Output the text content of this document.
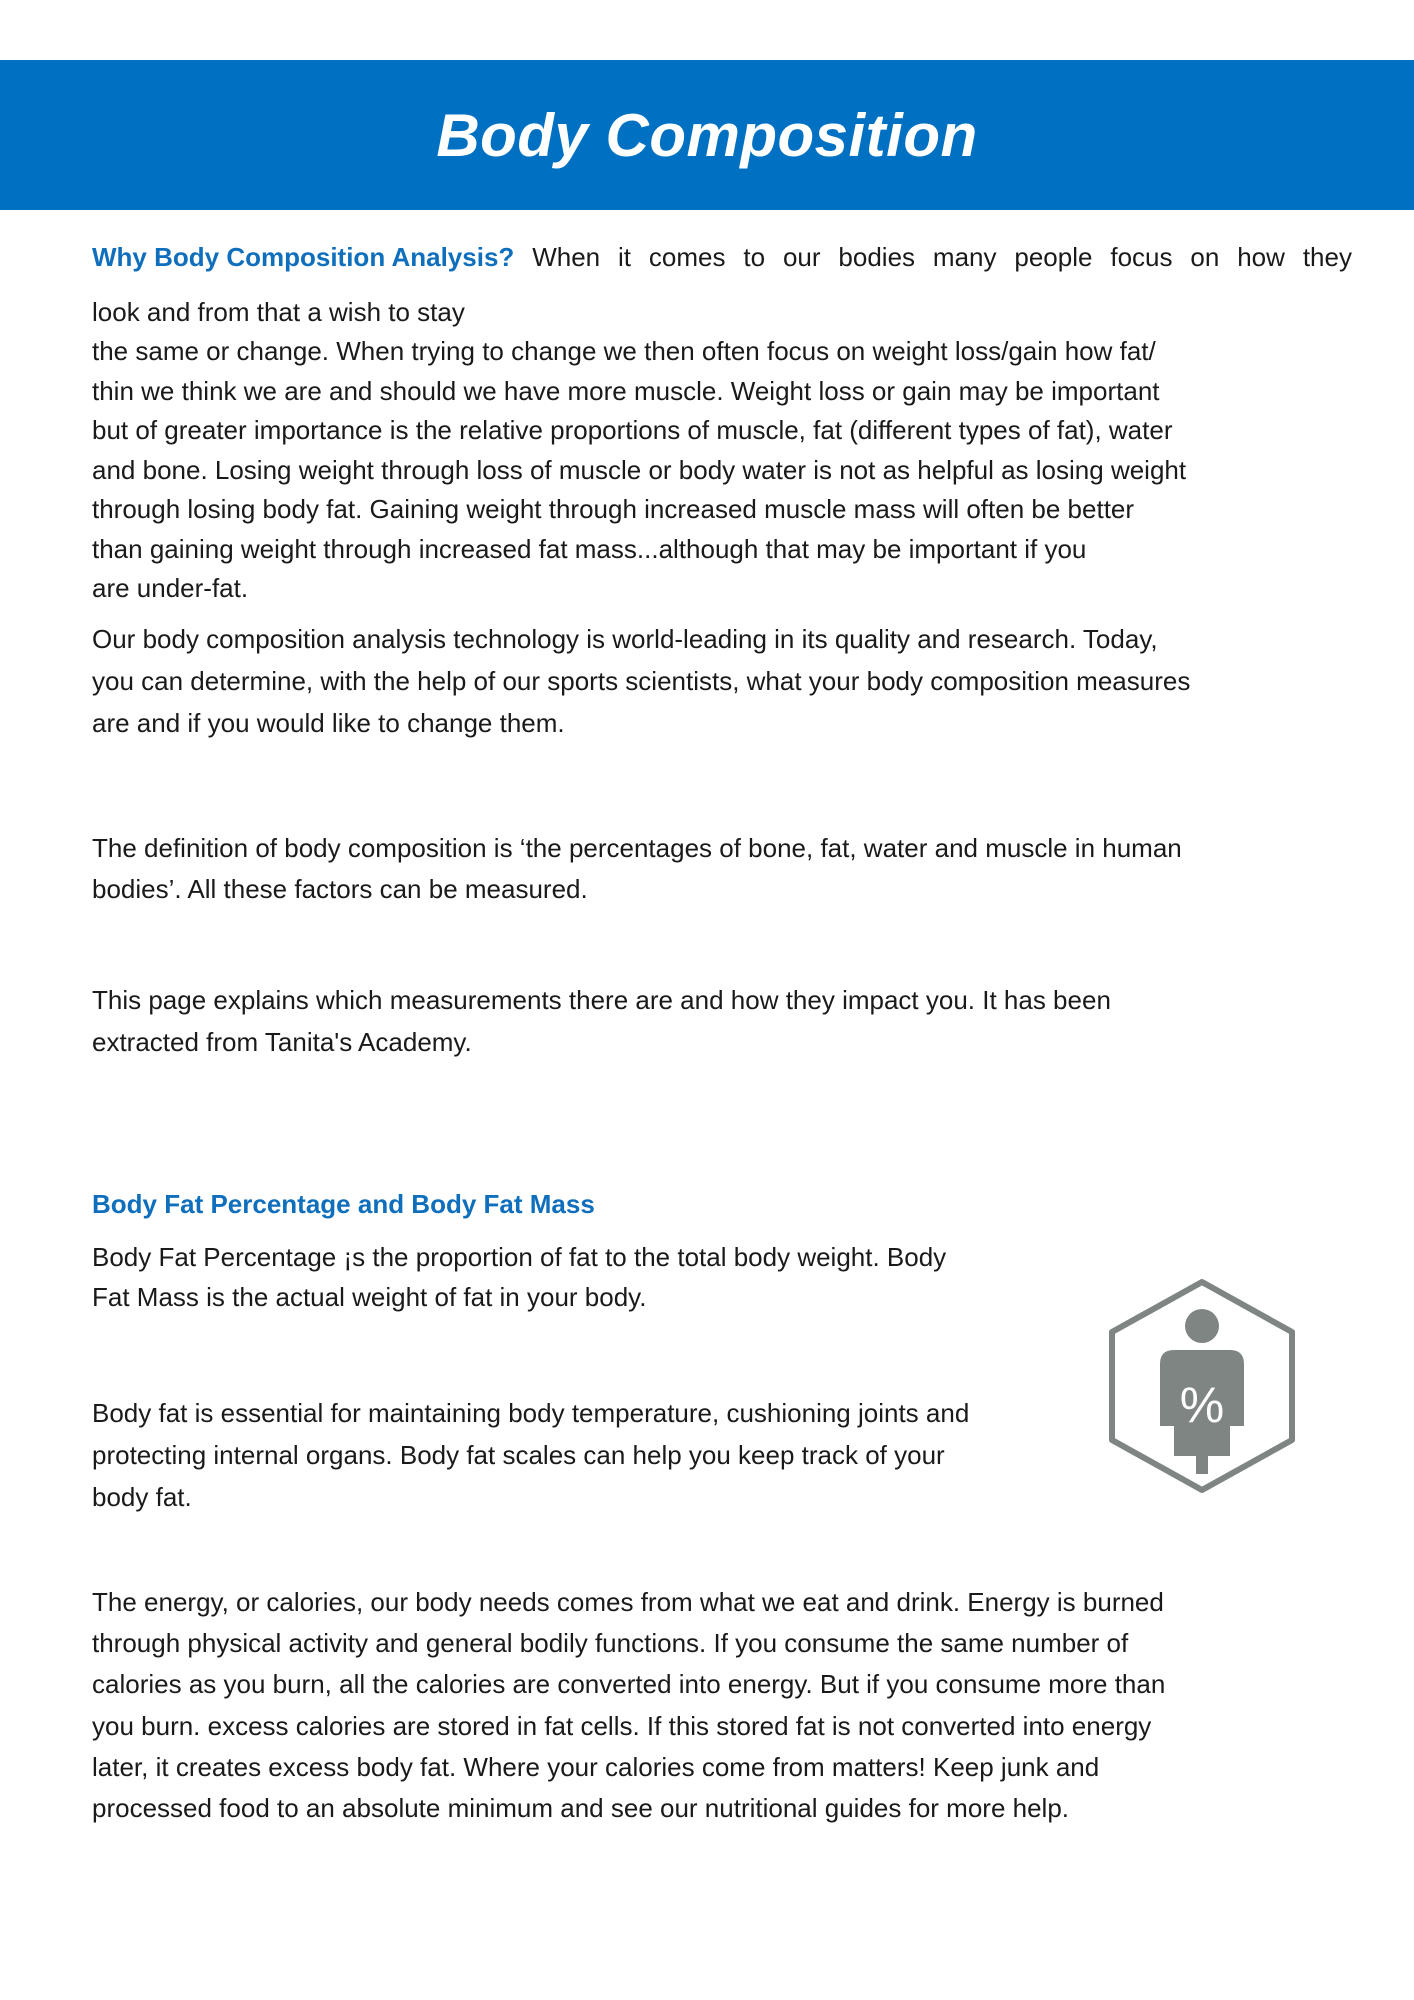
Body Composition
Why Body Composition Analysis? When it comes to our bodies many people focus on how they
look and from that a wish to stay
the same or change. When trying to change we then often focus on weight loss/gain how fat/
thin we think we are and should we have more muscle. Weight loss or gain may be important
but of greater importance is the relative proportions of muscle, fat (different types of fat), water
and bone. Losing weight through loss of muscle or body water is not as helpful as losing weight
through losing body fat. Gaining weight through increased muscle mass will often be better
than gaining weight through increased fat mass...although that may be important if you
are under-fat.
Our body composition analysis technology is world-leading in its quality and research. Today,
you can determine, with the help of our sports scientists, what your body composition measures
are and if you would like to change them.
The definition of body composition is ‘the percentages of bone, fat, water and muscle in human
bodies’. All these factors can be measured.
This page explains which measurements there are and how they impact you. It has been
extracted from Tanita's Academy.
Body Fat Percentage and Body Fat Mass
Body Fat Percentage ¡s the proportion of fat to the total body weight. Body
Fat Mass is the actual weight of fat in your body.
Body fat is essential for maintaining body temperature, cushioning joints and
protecting internal organs. Body fat scales can help you keep track of your
body fat.
%
The energy, or calories, our body needs comes from what we eat and drink. Energy is burned
through physical activity and general bodily functions. If you consume the same number of
calories as you burn, all the calories are converted into energy. But if you consume more than
you burn. excess calories are stored in fat cells. If this stored fat is not converted into energy
later, it creates excess body fat. Where your calories come from matters! Keep junk and
processed food to an absolute minimum and see our nutritional guides for more help.
